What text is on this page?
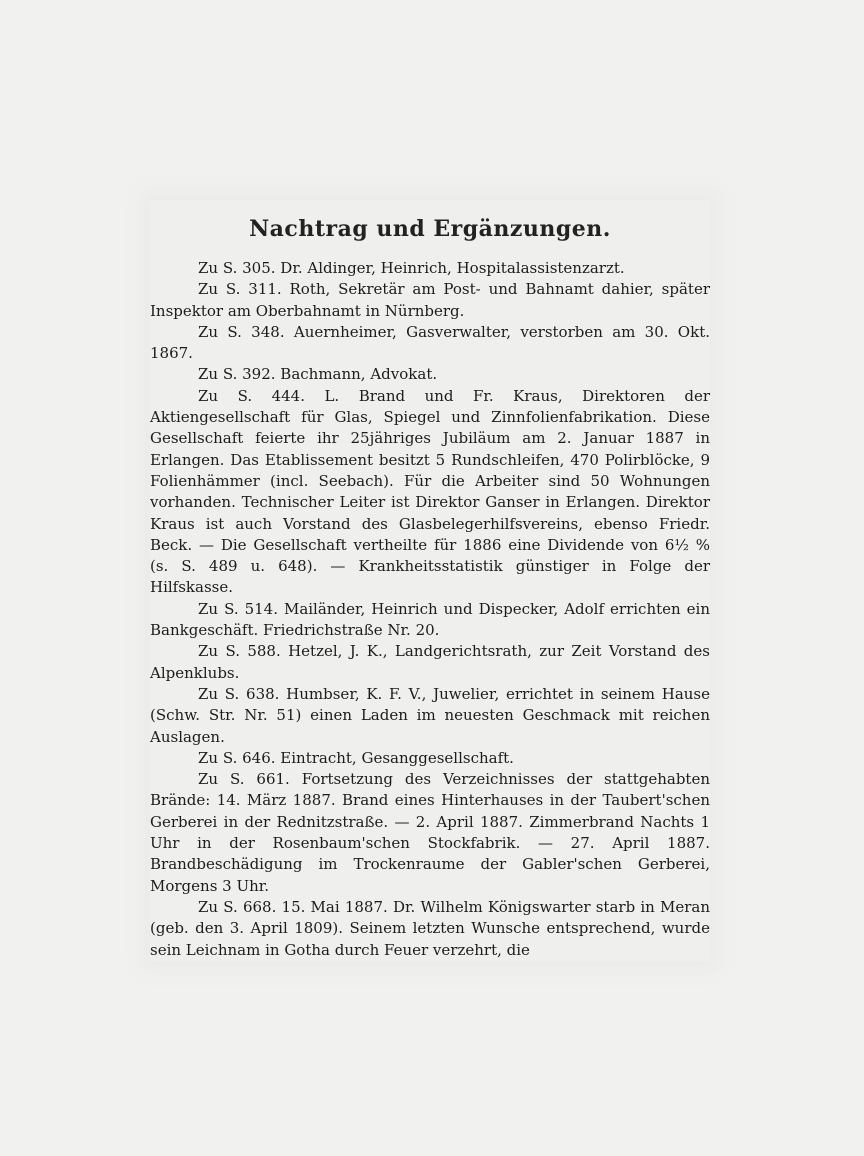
Nachtrag und Ergänzungen.

Zu S. 305. Dr. Aldinger, Heinrich, Hospitalassistenzarzt.

Zu S. 311. Roth, Sekretär am Post- und Bahnamt dahier, später Inspektor am Oberbahnamt in Nürnberg.

Zu S. 348. Auernheimer, Gasverwalter, verstorben am 30. Okt. 1867.

Zu S. 392. Bachmann, Advokat.

Zu S. 444. L. Brand und Fr. Kraus, Direktoren der Aktiengesellschaft für Glas, Spiegel und Zinnfolienfabrikation. Diese Gesellschaft feierte ihr 25jähriges Jubiläum am 2. Januar 1887 in Erlangen. Das Etablissement besitzt 5 Rundschleifen, 470 Polirblöcke, 9 Folienhämmer (incl. Seebach). Für die Arbeiter sind 50 Wohnungen vorhanden. Technischer Leiter ist Direktor Ganser in Erlangen. Direktor Kraus ist auch Vorstand des Glasbelegerhilfsvereins, ebenso Friedr. Beck. — Die Gesellschaft vertheilte für 1886 eine Dividende von 6½ % (s. S. 489 u. 648). — Krankheitsstatistik günstiger in Folge der Hilfskasse.

Zu S. 514. Mailänder, Heinrich und Dispecker, Adolf errichten ein Bankgeschäft. Friedrichstraße Nr. 20.

Zu S. 588. Hetzel, J. K., Landgerichtsrath, zur Zeit Vorstand des Alpenklubs.

Zu S. 638. Humbser, K. F. V., Juwelier, errichtet in seinem Hause (Schw. Str. Nr. 51) einen Laden im neuesten Geschmack mit reichen Auslagen.

Zu S. 646. Eintracht, Gesanggesellschaft.

Zu S. 661. Fortsetzung des Verzeichnisses der stattgehabten Brände: 14. März 1887. Brand eines Hinterhauses in der Taubert'schen Gerberei in der Rednitzstraße. — 2. April 1887. Zimmerbrand Nachts 1 Uhr in der Rosenbaum'schen Stockfabrik. — 27. April 1887. Brandbeschädigung im Trockenraume der Gabler'schen Gerberei, Morgens 3 Uhr.

Zu S. 668. 15. Mai 1887. Dr. Wilhelm Königswarter starb in Meran (geb. den 3. April 1809). Seinem letzten Wunsche entsprechend, wurde sein Leichnam in Gotha durch Feuer verzehrt, die
